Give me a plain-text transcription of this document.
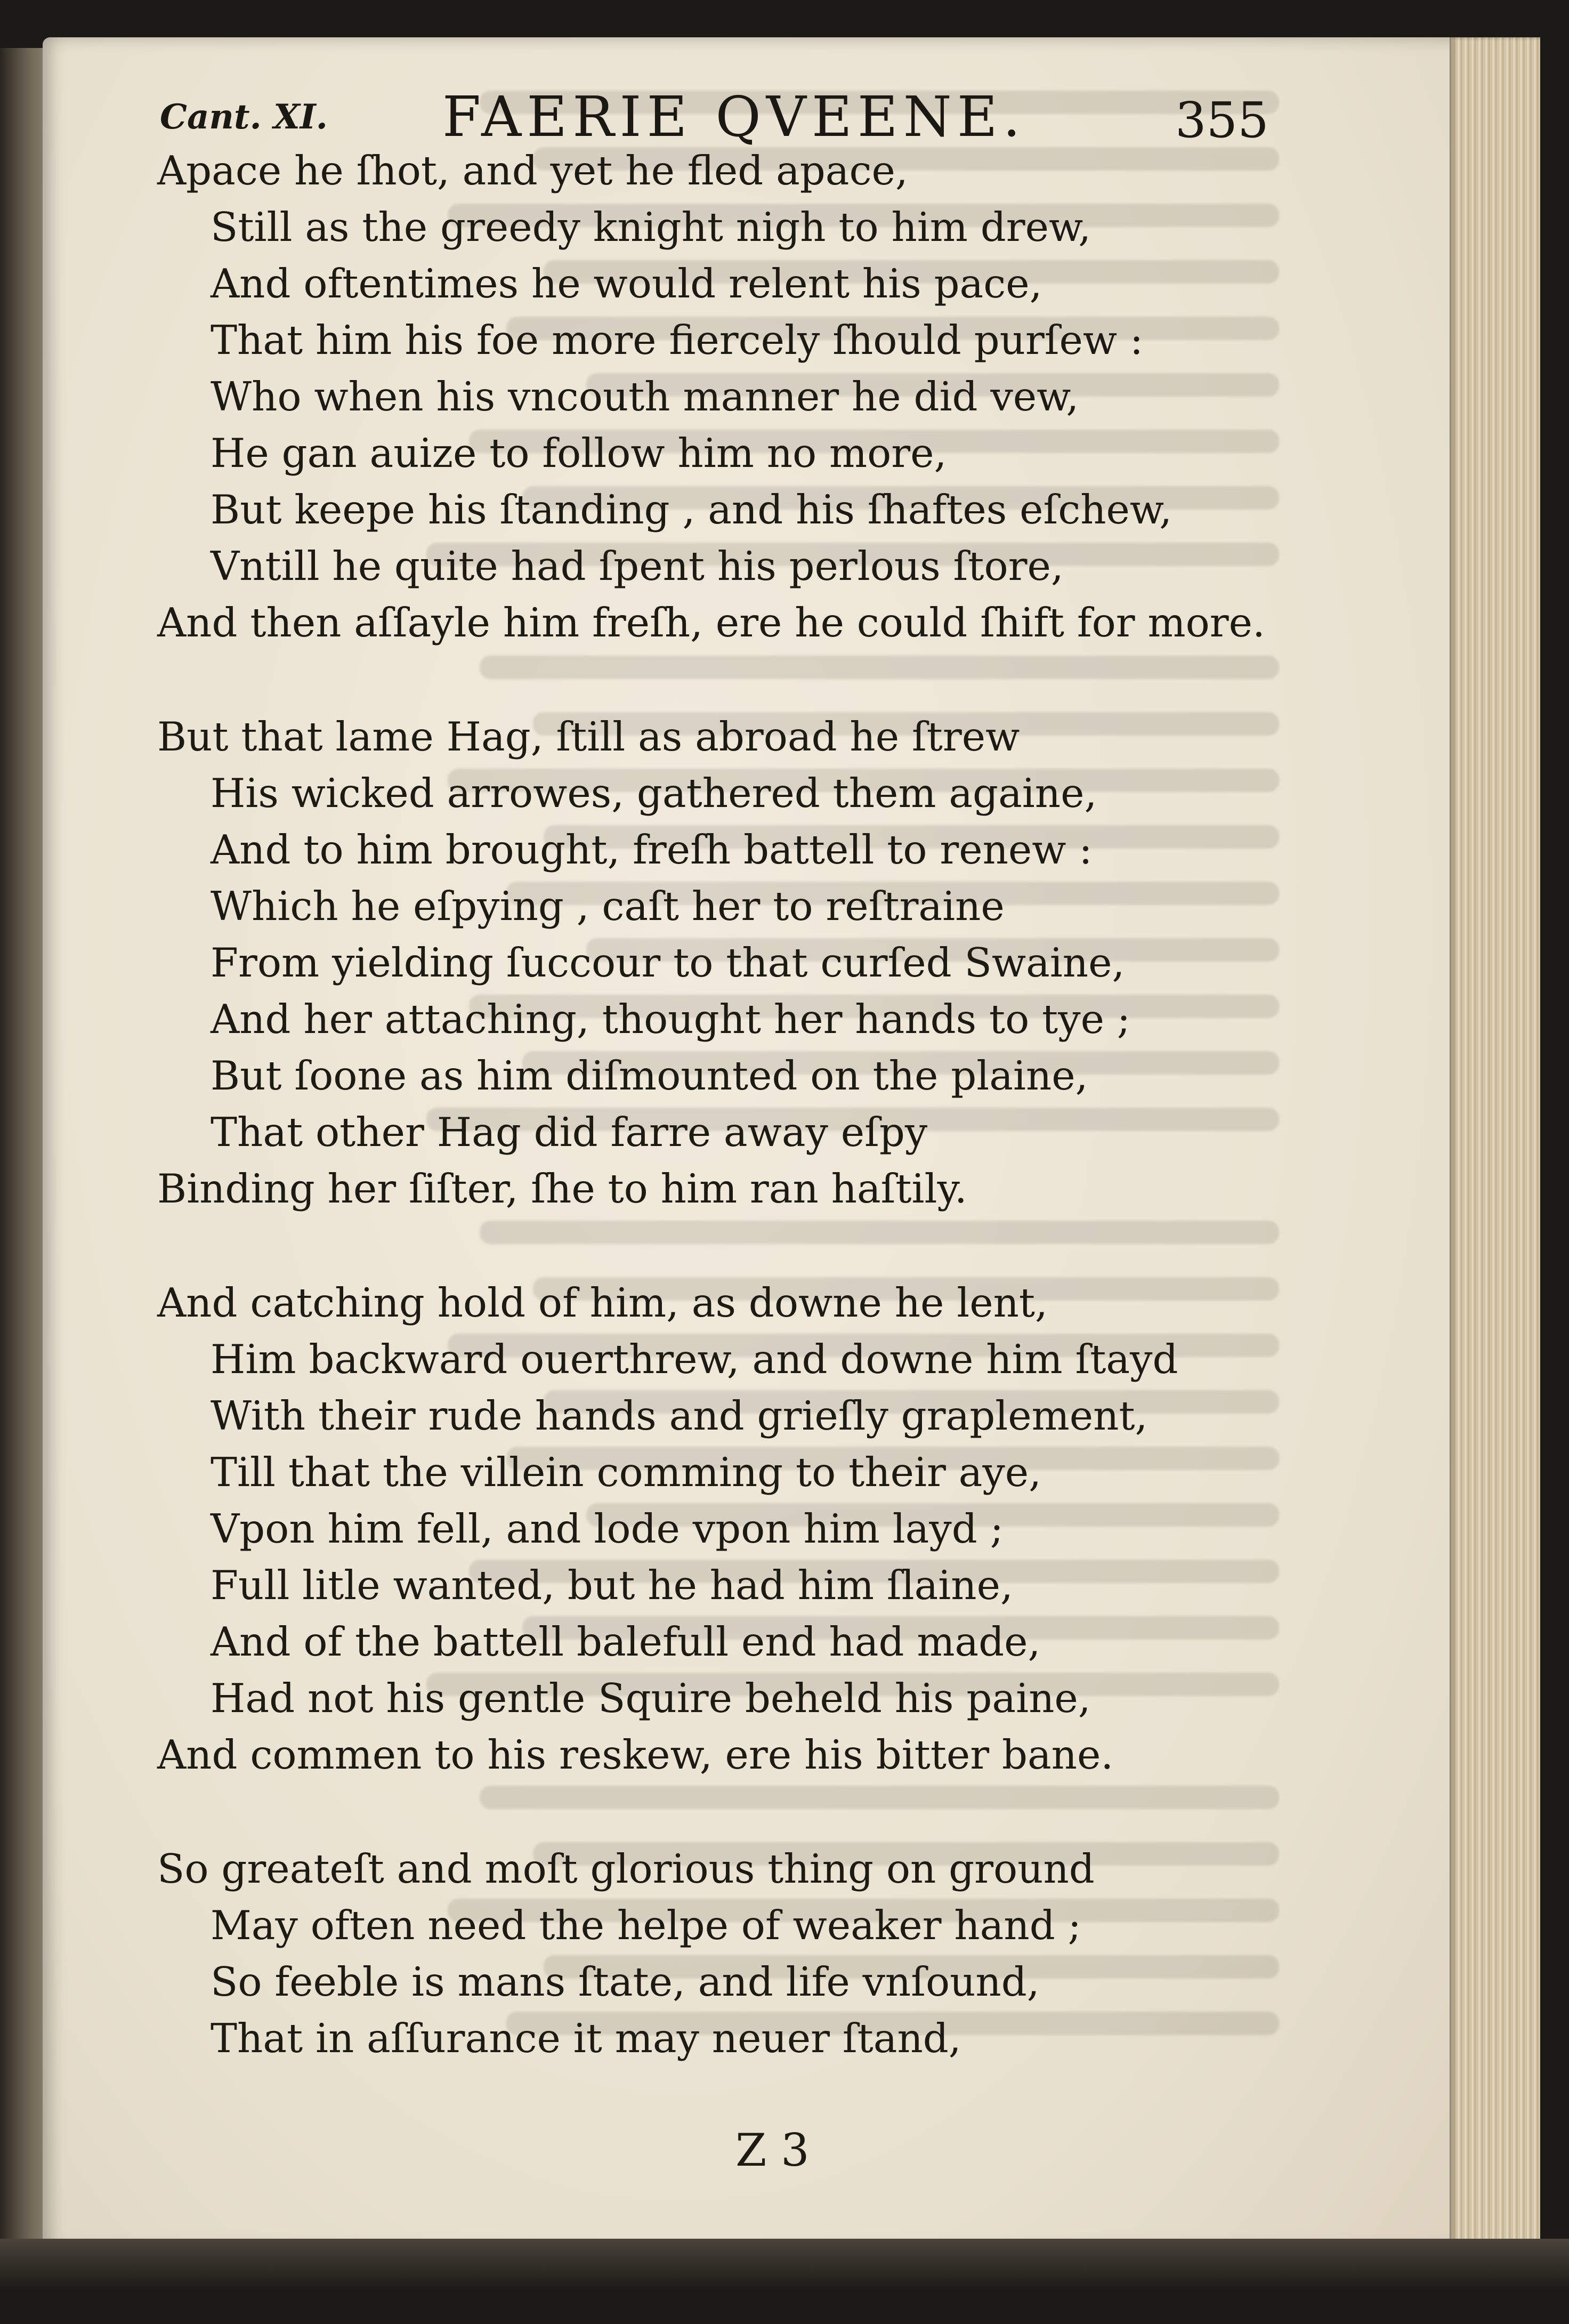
Cant. XI. FAERIE QVEENE.	355
Apace he ſhot, and yet he fled apace,
Still as the greedy knight nigh to him drew,
And oftentimes he would relent his pace,
That him his foe more fiercely ſhould purſew :
Who when his vncouth manner he did vew,
He gan auize to follow him no more,
But keepe his ſtanding , and his ſhaftes eſchew,
Vntill he quite had ſpent his perlous ſtore,
And then aſſayle him freſh, ere he could ſhift for more.
But that lame Hag, ſtill as abroad he ſtrew
His wicked arrowes, gathered them againe,
And to him brought, freſh battell to renew :
Which he eſpying , caſt her to reſtraine
From yielding ſuccour to that curſed Swaine,
And her attaching, thought her hands to tye ;
But ſoone as him diſmounted on the plaine,
That other Hag did farre away eſpy
Binding her ſiſter, ſhe to him ran haſtily.
And catching hold of him, as downe he lent,
Him backward ouerthrew, and downe him ſtayd
With their rude hands and grieſly graplement,
Till that the villein comming to their aye,
Vpon him fell, and lode vpon him layd ;
Full litle wanted, but he had him ſlaine,
And of the battell balefull end had made,
Had not his gentle Squire beheld his paine,
And commen to his reskew, ere his bitter bane.
So greateſt and moſt glorious thing on ground
May often need the helpe of weaker hand ;
So feeble is mans ſtate, and life vnſound,
That in aſſurance it may neuer ſtand,
Z 3
